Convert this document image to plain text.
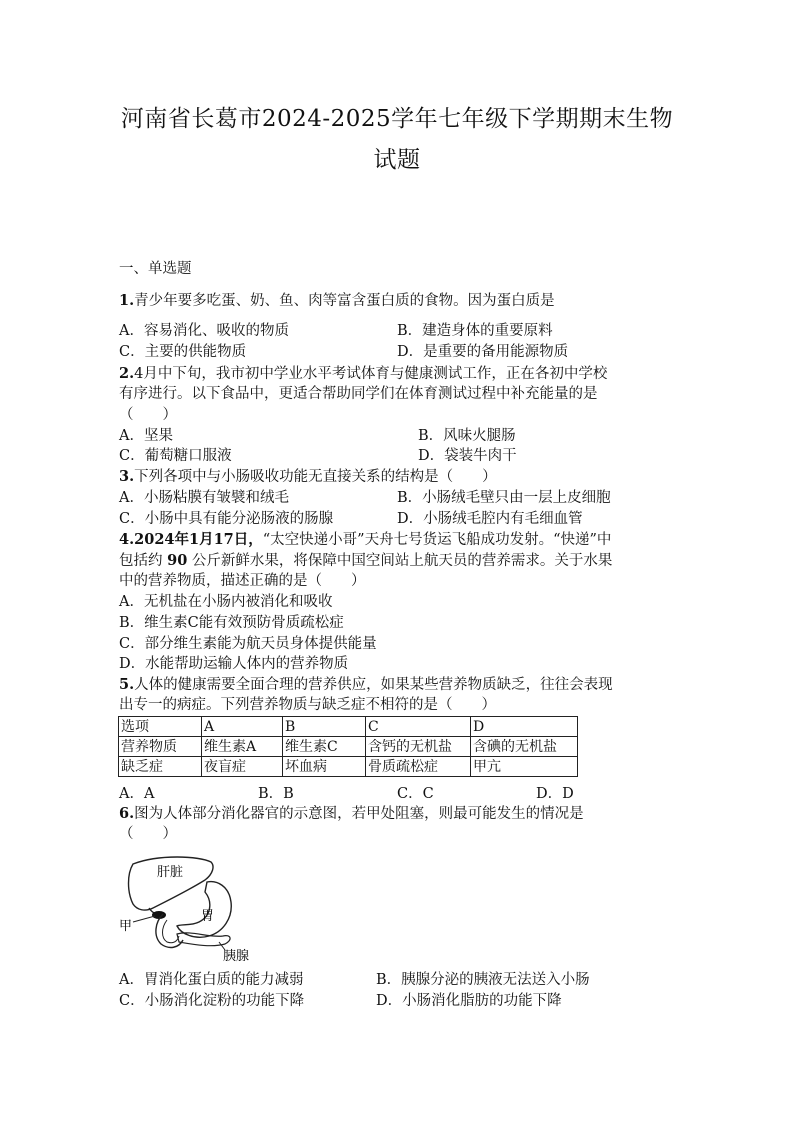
河南省长葛市2024-2025学年七年级下学期期末生物
试题
一、单选题
1.青少年要多吃蛋、奶、鱼、肉等富含蛋白质的食物。因为蛋白质是
A．容易消化、吸收的物质	B．建造身体的重要原料
C．主要的供能物质	D．是重要的备用能源物质
2.4月中下旬，我市初中学业水平考试体育与健康测试工作，正在各初中学校
有序进行。以下食品中，更适合帮助同学们在体育测试过程中补充能量的是
（　　）
A．坚果	B．风味火腿肠
C．葡萄糖口服液	D．袋装牛肉干
3.下列各项中与小肠吸收功能无直接关系的结构是（　　）
A．小肠粘膜有皱襞和绒毛	B．小肠绒毛壁只由一层上皮细胞
C．小肠中具有能分泌肠液的肠腺	D．小肠绒毛腔内有毛细血管
4.2024年1月17日，“太空快递小哥”天舟七号货运飞船成功发射。“快递”中
包括约 90 公斤新鲜水果，将保障中国空间站上航天员的营养需求。关于水果
中的营养物质，描述正确的是（　　）
A．无机盐在小肠内被消化和吸收
B．维生素C能有效预防骨质疏松症
C．部分维生素能为航天员身体提供能量
D．水能帮助运输人体内的营养物质
5.人体的健康需要全面合理的营养供应，如果某些营养物质缺乏，往往会表现
出专一的病症。下列营养物质与缺乏症不相符的是（　　）
选项	A	B	C	D
营养物质	维生素A	维生素C	含钙的无机盐	含碘的无机盐
缺乏症	夜盲症	坏血病	骨质疏松症	甲亢
A．A	B．B	C．C	D．D
6.图为人体部分消化器官的示意图，若甲处阻塞，则最可能发生的情况是
（　　）
肝脏
胃
甲
胰腺
A．胃消化蛋白质的能力减弱	B．胰腺分泌的胰液无法送入小肠
C．小肠消化淀粉的功能下降	D．小肠消化脂肪的功能下降
